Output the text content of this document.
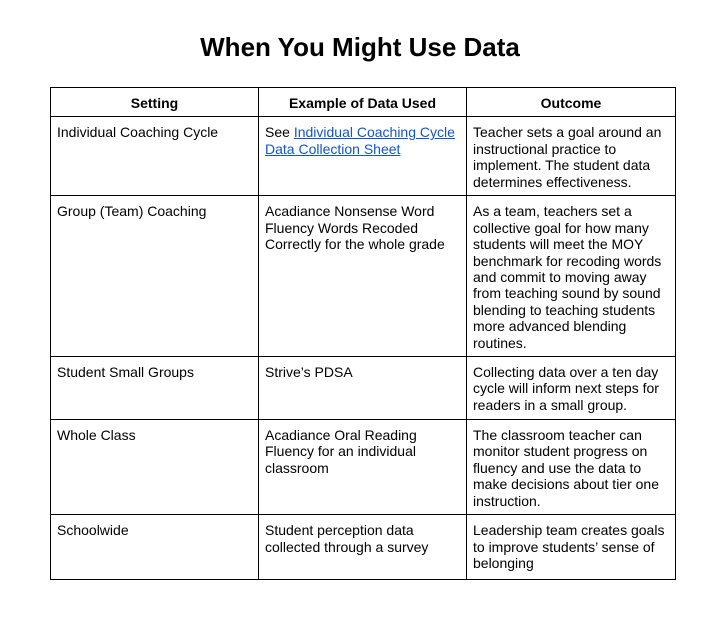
When You Might Use Data
Setting	Example of Data Used	Outcome
Individual Coaching Cycle	See Individual Coaching Cycle Data Collection Sheet	Teacher sets a goal around an instructional practice to implement. The student data determines effectiveness.
Group (Team) Coaching	Acadiance Nonsense Word Fluency Words Recoded Correctly for the whole grade	As a team, teachers set a collective goal for how many students will meet the MOY benchmark for recoding words and commit to moving away from teaching sound by sound blending to teaching students more advanced blending routines.
Student Small Groups	Strive’s PDSA	Collecting data over a ten day cycle will inform next steps for readers in a small group.
Whole Class	Acadiance Oral Reading Fluency for an individual classroom	The classroom teacher can monitor student progress on fluency and use the data to make decisions about tier one instruction.
Schoolwide	Student perception data collected through a survey	Leadership team creates goals to improve students’ sense of belonging
